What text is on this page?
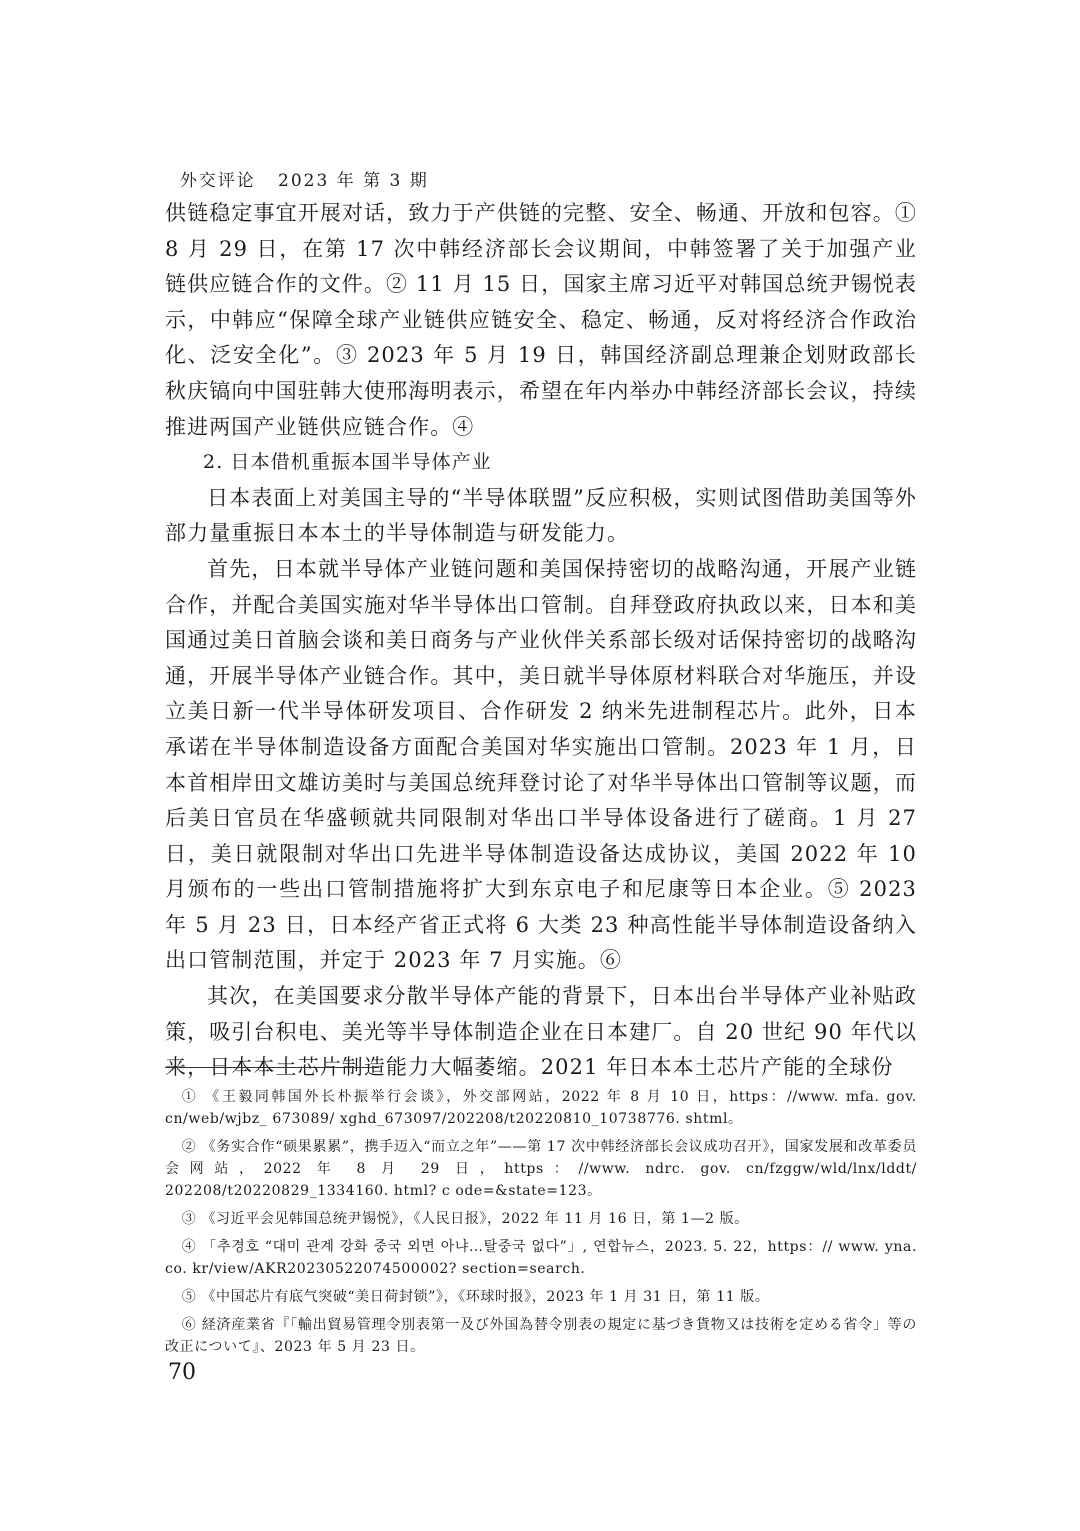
外交评论 2023 年 第 3 期

供链稳定事宜开展对话，致力于产供链的完整、安全、畅通、开放和包容。① 8 月 29 日，在第 17 次中韩经济部长会议期间，中韩签署了关于加强产业链供应链合作的文件。② 11 月 15 日，国家主席习近平对韩国总统尹锡悦表示，中韩应“保障全球产业链供应链安全、稳定、畅通，反对将经济合作政治化、泛安全化”。③ 2023 年 5 月 19 日，韩国经济副总理兼企划财政部长秋庆镐向中国驻韩大使邢海明表示，希望在年内举办中韩经济部长会议，持续推进两国产业链供应链合作。④

2. 日本借机重振本国半导体产业

日本表面上对美国主导的“半导体联盟”反应积极，实则试图借助美国等外部力量重振日本本土的半导体制造与研发能力。

首先，日本就半导体产业链问题和美国保持密切的战略沟通，开展产业链合作，并配合美国实施对华半导体出口管制。自拜登政府执政以来，日本和美国通过美日首脑会谈和美日商务与产业伙伴关系部长级对话保持密切的战略沟通，开展半导体产业链合作。其中，美日就半导体原材料联合对华施压，并设立美日新一代半导体研发项目、合作研发 2 纳米先进制程芯片。此外，日本承诺在半导体制造设备方面配合美国对华实施出口管制。2023 年 1 月，日本首相岸田文雄访美时与美国总统拜登讨论了对华半导体出口管制等议题，而后美日官员在华盛顿就共同限制对华出口半导体设备进行了磋商。1 月 27 日，美日就限制对华出口先进半导体制造设备达成协议，美国 2022 年 10 月颁布的一些出口管制措施将扩大到东京电子和尼康等日本企业。⑤ 2023 年 5 月 23 日，日本经产省正式将 6 大类 23 种高性能半导体制造设备纳入出口管制范围，并定于 2023 年 7 月实施。⑥

其次，在美国要求分散半导体产能的背景下，日本出台半导体产业补贴政策，吸引台积电、美光等半导体制造企业在日本建厂。自 20 世纪 90 年代以来，日本本土芯片制造能力大幅萎缩。2021 年日本本土芯片产能的全球份

① 《王毅同韩国外长朴振举行会谈》，外交部网站，2022 年 8 月 10 日，https：//www. mfa. gov. cn/web/wjbz_ 673089/ xghd_673097/202208/t20220810_10738776. shtml。

② 《务实合作“硕果累累”，携手迈入“而立之年”——第 17 次中韩经济部长会议成功召开》，国家发展和改革委员会网站，2022 年 8 月 29 日，https：//www. ndrc. gov. cn/fzggw/wld/lnx/lddt/ 202208/t20220829_1334160. html? c ode=&state=123。

③ 《习近平会见韩国总统尹锡悦》，《人民日报》，2022 年 11 月 16 日，第 1—2 版。

④ 「추경호 “대미 관계 강화 중국 외면 아냐…탈중국 없다”」, 연합뉴스，2023. 5. 22，https：// www. yna. co. kr/view/AKR20230522074500002? section=search.

⑤ 《中国芯片有底气突破“美日荷封锁”》，《环球时报》，2023 年 1 月 31 日，第 11 版。

⑥ 経済産業省『「輸出貿易管理令別表第一及び外国為替令別表の規定に基づき貨物又は技術を定める省令」等の改正について』、2023 年 5 月 23 日。

70
